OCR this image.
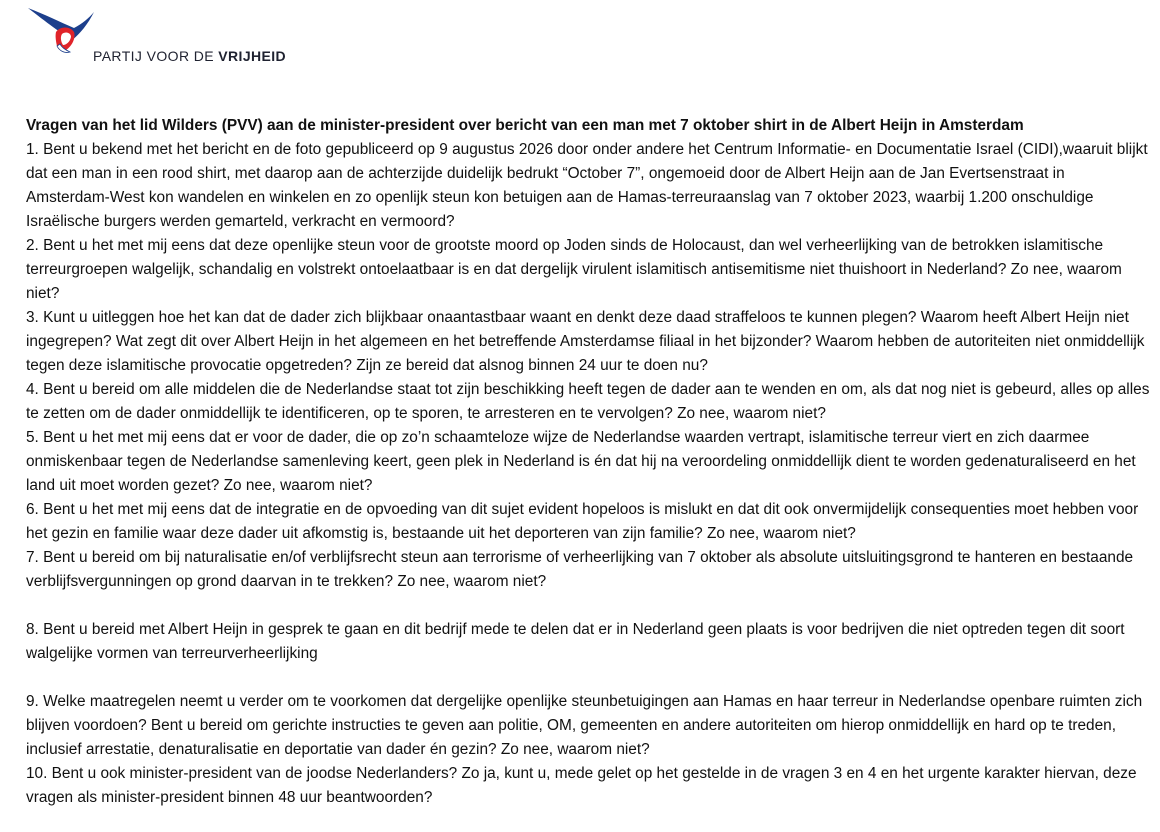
PARTIJ VOOR DE VRIJHEID

Vragen van het lid Wilders (PVV) aan de minister-president over bericht van een man met 7 oktober shirt in de Albert Heijn in Amsterdam

1. Bent u bekend met het bericht en de foto gepubliceerd op 9 augustus 2026 door onder andere het Centrum Informatie- en Documentatie Israel (CIDI),waaruit blijkt dat een man in een rood shirt, met daarop aan de achterzijde duidelijk bedrukt “October 7”, ongemoeid door de Albert Heijn aan de Jan Evertsenstraat in Amsterdam-West kon wandelen en winkelen en zo openlijk steun kon betuigen aan de Hamas-terreuraanslag van 7 oktober 2023, waarbij 1.200 onschuldige Israëlische burgers werden gemarteld, verkracht en vermoord?

2. Bent u het met mij eens dat deze openlijke steun voor de grootste moord op Joden sinds de Holocaust, dan wel verheerlijking van de betrokken islamitische terreurgroepen walgelijk, schandalig en volstrekt ontoelaatbaar is en dat dergelijk virulent islamitisch antisemitisme niet thuishoort in Nederland? Zo nee, waarom niet?

3. Kunt u uitleggen hoe het kan dat de dader zich blijkbaar onaantastbaar waant en denkt deze daad straffeloos te kunnen plegen? Waarom heeft Albert Heijn niet ingegrepen? Wat zegt dit over Albert Heijn in het algemeen en het betreffende Amsterdamse filiaal in het bijzonder? Waarom hebben de autoriteiten niet onmiddellijk tegen deze islamitische provocatie opgetreden? Zijn ze bereid dat alsnog binnen 24 uur te doen nu?

4. Bent u bereid om alle middelen die de Nederlandse staat tot zijn beschikking heeft tegen de dader aan te wenden en om, als dat nog niet is gebeurd, alles op alles te zetten om de dader onmiddellijk te identificeren, op te sporen, te arresteren en te vervolgen? Zo nee, waarom niet?

5. Bent u het met mij eens dat er voor de dader, die op zo’n schaamteloze wijze de Nederlandse waarden vertrapt, islamitische terreur viert en zich daarmee onmiskenbaar tegen de Nederlandse samenleving keert, geen plek in Nederland is én dat hij na veroordeling onmiddellijk dient te worden gedenaturaliseerd en het land uit moet worden gezet? Zo nee, waarom niet?

6. Bent u het met mij eens dat de integratie en de opvoeding van dit sujet evident hopeloos is mislukt en dat dit ook onvermijdelijk consequenties moet hebben voor het gezin en familie waar deze dader uit afkomstig is, bestaande uit het deporteren van zijn familie? Zo nee, waarom niet?

7. Bent u bereid om bij naturalisatie en/of verblijfsrecht steun aan terrorisme of verheerlijking van 7 oktober als absolute uitsluitingsgrond te hanteren en bestaande verblijfsvergunningen op grond daarvan in te trekken? Zo nee, waarom niet?

8. Bent u bereid met Albert Heijn in gesprek te gaan en dit bedrijf mede te delen dat er in Nederland geen plaats is voor bedrijven die niet optreden tegen dit soort walgelijke vormen van terreurverheerlijking

9. Welke maatregelen neemt u verder om te voorkomen dat dergelijke openlijke steunbetuigingen aan Hamas en haar terreur in Nederlandse openbare ruimten zich blijven voordoen? Bent u bereid om gerichte instructies te geven aan politie, OM, gemeenten en andere autoriteiten om hierop onmiddellijk en hard op te treden, inclusief arrestatie, denaturalisatie en deportatie van dader én gezin? Zo nee, waarom niet?

10. Bent u ook minister-president van de joodse Nederlanders? Zo ja, kunt u, mede gelet op het gestelde in de vragen 3 en 4 en het urgente karakter hiervan, deze vragen als minister-president binnen 48 uur beantwoorden?
